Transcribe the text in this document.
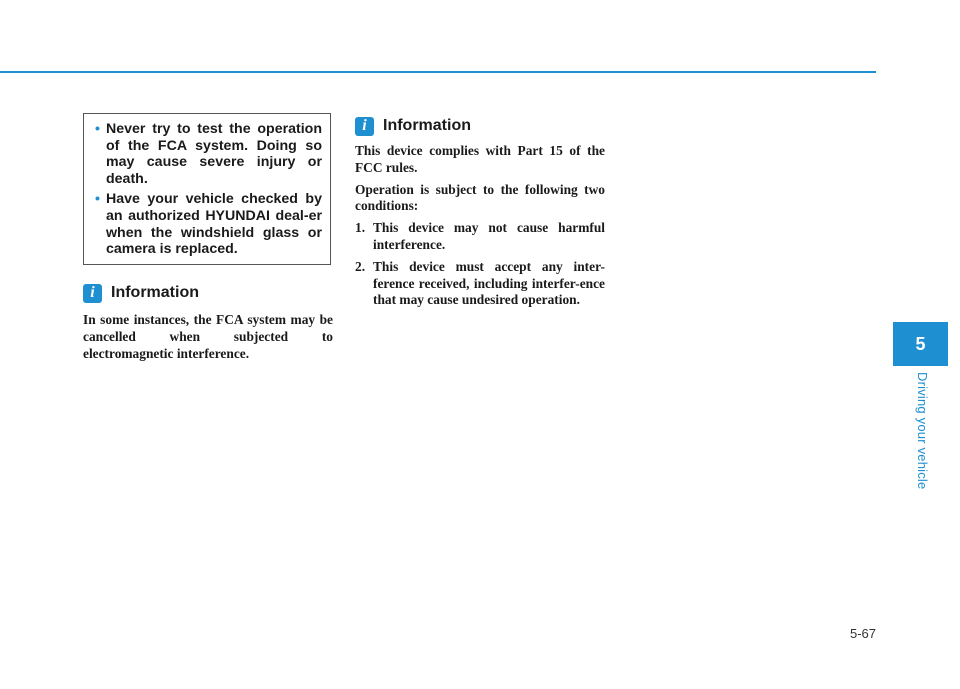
• Never try to test the operation of the FCA system. Doing so may cause severe injury or death.
• Have your vehicle checked by an authorized HYUNDAI deal-er when the windshield glass or camera is replaced.
i	Information

In some instances, the FCA system may be cancelled when subjected to electromagnetic interference.

i	Information

This device complies with Part 15 of the FCC rules.

Operation is subject to the following two conditions:

1. This device may not cause harmful interference.
2. This device must accept any inter-ference received, including interfer-ence that may cause undesired operation.
5
Driving your vehicle
5-67
